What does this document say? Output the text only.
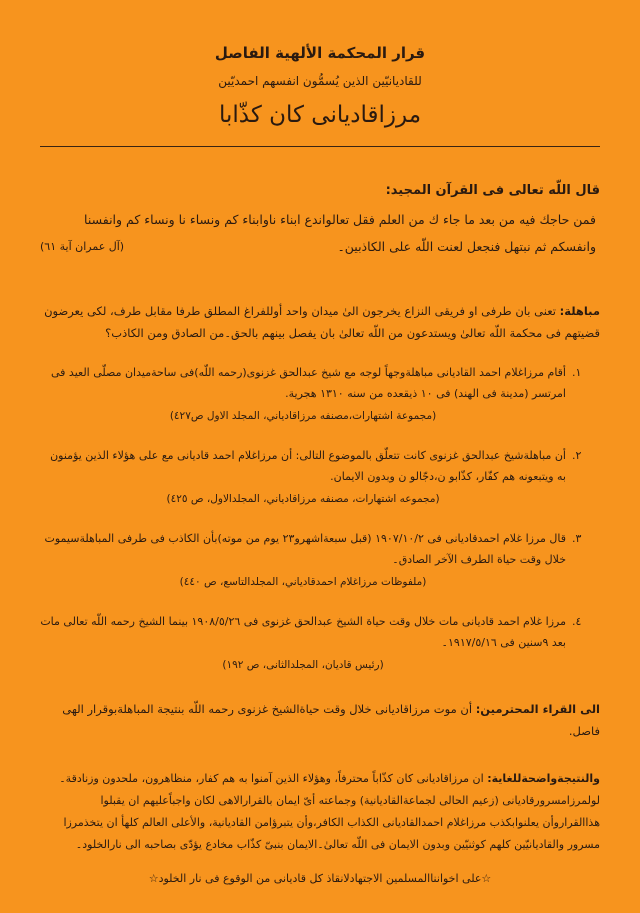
قرار المحكمة الألهية الفاصل
للقاديانيّين الذين يُسمُّون انفسهم احمديّين
مرزاقاديانى كان كذّابا
قال اللّه تعالى فى القرآن المجيد:
فمن حاجك فيه من بعد ما جاء ك من العلم فقل تعالواندع ابناء ناوابناء كم ونساء نا ونساء كم وانفسنا
وانفسكم ثم نبتهل فنجعل لعنت اللّه على الكاذبين۔
(آل عمران آية ٦١)
مباهلة: تعنى بان طرفى او فريقى النزاع يخرجون الىٰ ميدان واحد أوللفراغ المطلق طرفا مقابل طرف، لكى يعرضون قضيتهم فى محكمة اللّه تعالىٰ ويستدعون من اللّه تعالىٰ بان يفصل بينهم بالحق۔من الصادق ومن الكاذب؟
١.
أقام مرزاغلام احمد القاديانى مباهلةوجهاً لوجه مع شيخ عبدالحق غزنوى(رحمه اللّه)فى ساحةميدان مصلّى العيد فى امرتسر (مدينة فى الهند) فى ١٠ ذيقعده من سنه ١٣١٠ هجرية.
(مجموعة اشتهارات،مصنفه مرزاقادياني، المجلد الاول ص٤٢٧)
٢.
أن مباهلةشيخ عبدالحق غزنوى كانت تتعلّق بالموضوع التالى: أن مرزاغلام احمد قاديانى مع على هؤلاء الذين يؤمنون به ويتبعونه هم كفّار، كذّابو ن،دجّالو ن وبدون الايمان.
(مجموعه اشتهارات، مصنفه مرزاقادياني، المجلدالاول، ص ٤٢٥)
٣.
قال مرزا غلام احمدقاديانى فى ١٩٠٧/١٠/٢ (قبل سبعةاشهرو٢٣ يوم من موته)بأن الكاذب فى طرفى المباهلةسيموت خلال وقت حياة الطرف الآخر الصادق۔
(ملفوظات مرزاغلام احمدقادياني، المجلدالتاسع، ص ٤٤٠)
٤.
مرزا غلام احمد قاديانى مات خلال وقت حياة الشيخ عبدالحق غزنوى فى ١٩٠٨/٥/٢٦ بينما الشيخ رحمه اللّه تعالى مات بعد ٩سنين فى ١٩١٧/٥/١٦۔
(رئيس قاديان، المجلدالثانى، ص ١٩٢)
الى القراء المحترمين: أن موت مرزاقاديانى خلال وقت حياةالشيخ غزنوى رحمه اللّه بنتيجة المباهلةبوقرار الهى فاصل.
والنتيجةواضحةللغاية: ان مرزاقاديانى كان كذّاباً محترفاً، وهؤلاء الذين آمنوا به هم كفار، منظاهرون، ملحدون وزنادقة۔ لولمرزامسرورقاديانى (زعيم الحالى لجماعةالقاديانية) وجماعته أىّ ايمان بالقرارالاهى لكان واجباًعليهم ان يقبلوا هذاالقراروأن يعلنوابكذب مرزاغلام احمدالقاديانى الكذاب الكافر،وأن يتبرؤامن القاديانية، والأعلى العالم كلهأ ان يتخذمرزا مسرور والقاديانيّين كلهم كوثنيّين وبدون الايمان فى اللّه تعالىٰ۔الايمان بنبىّ كذّاب مخادع يؤدّى بصاحبه الى نارالخلود۔
☆على اخوانناالمسلمين الاجتهادلانقاذ كل قاديانى من الوقوع فى نار الخلود☆
